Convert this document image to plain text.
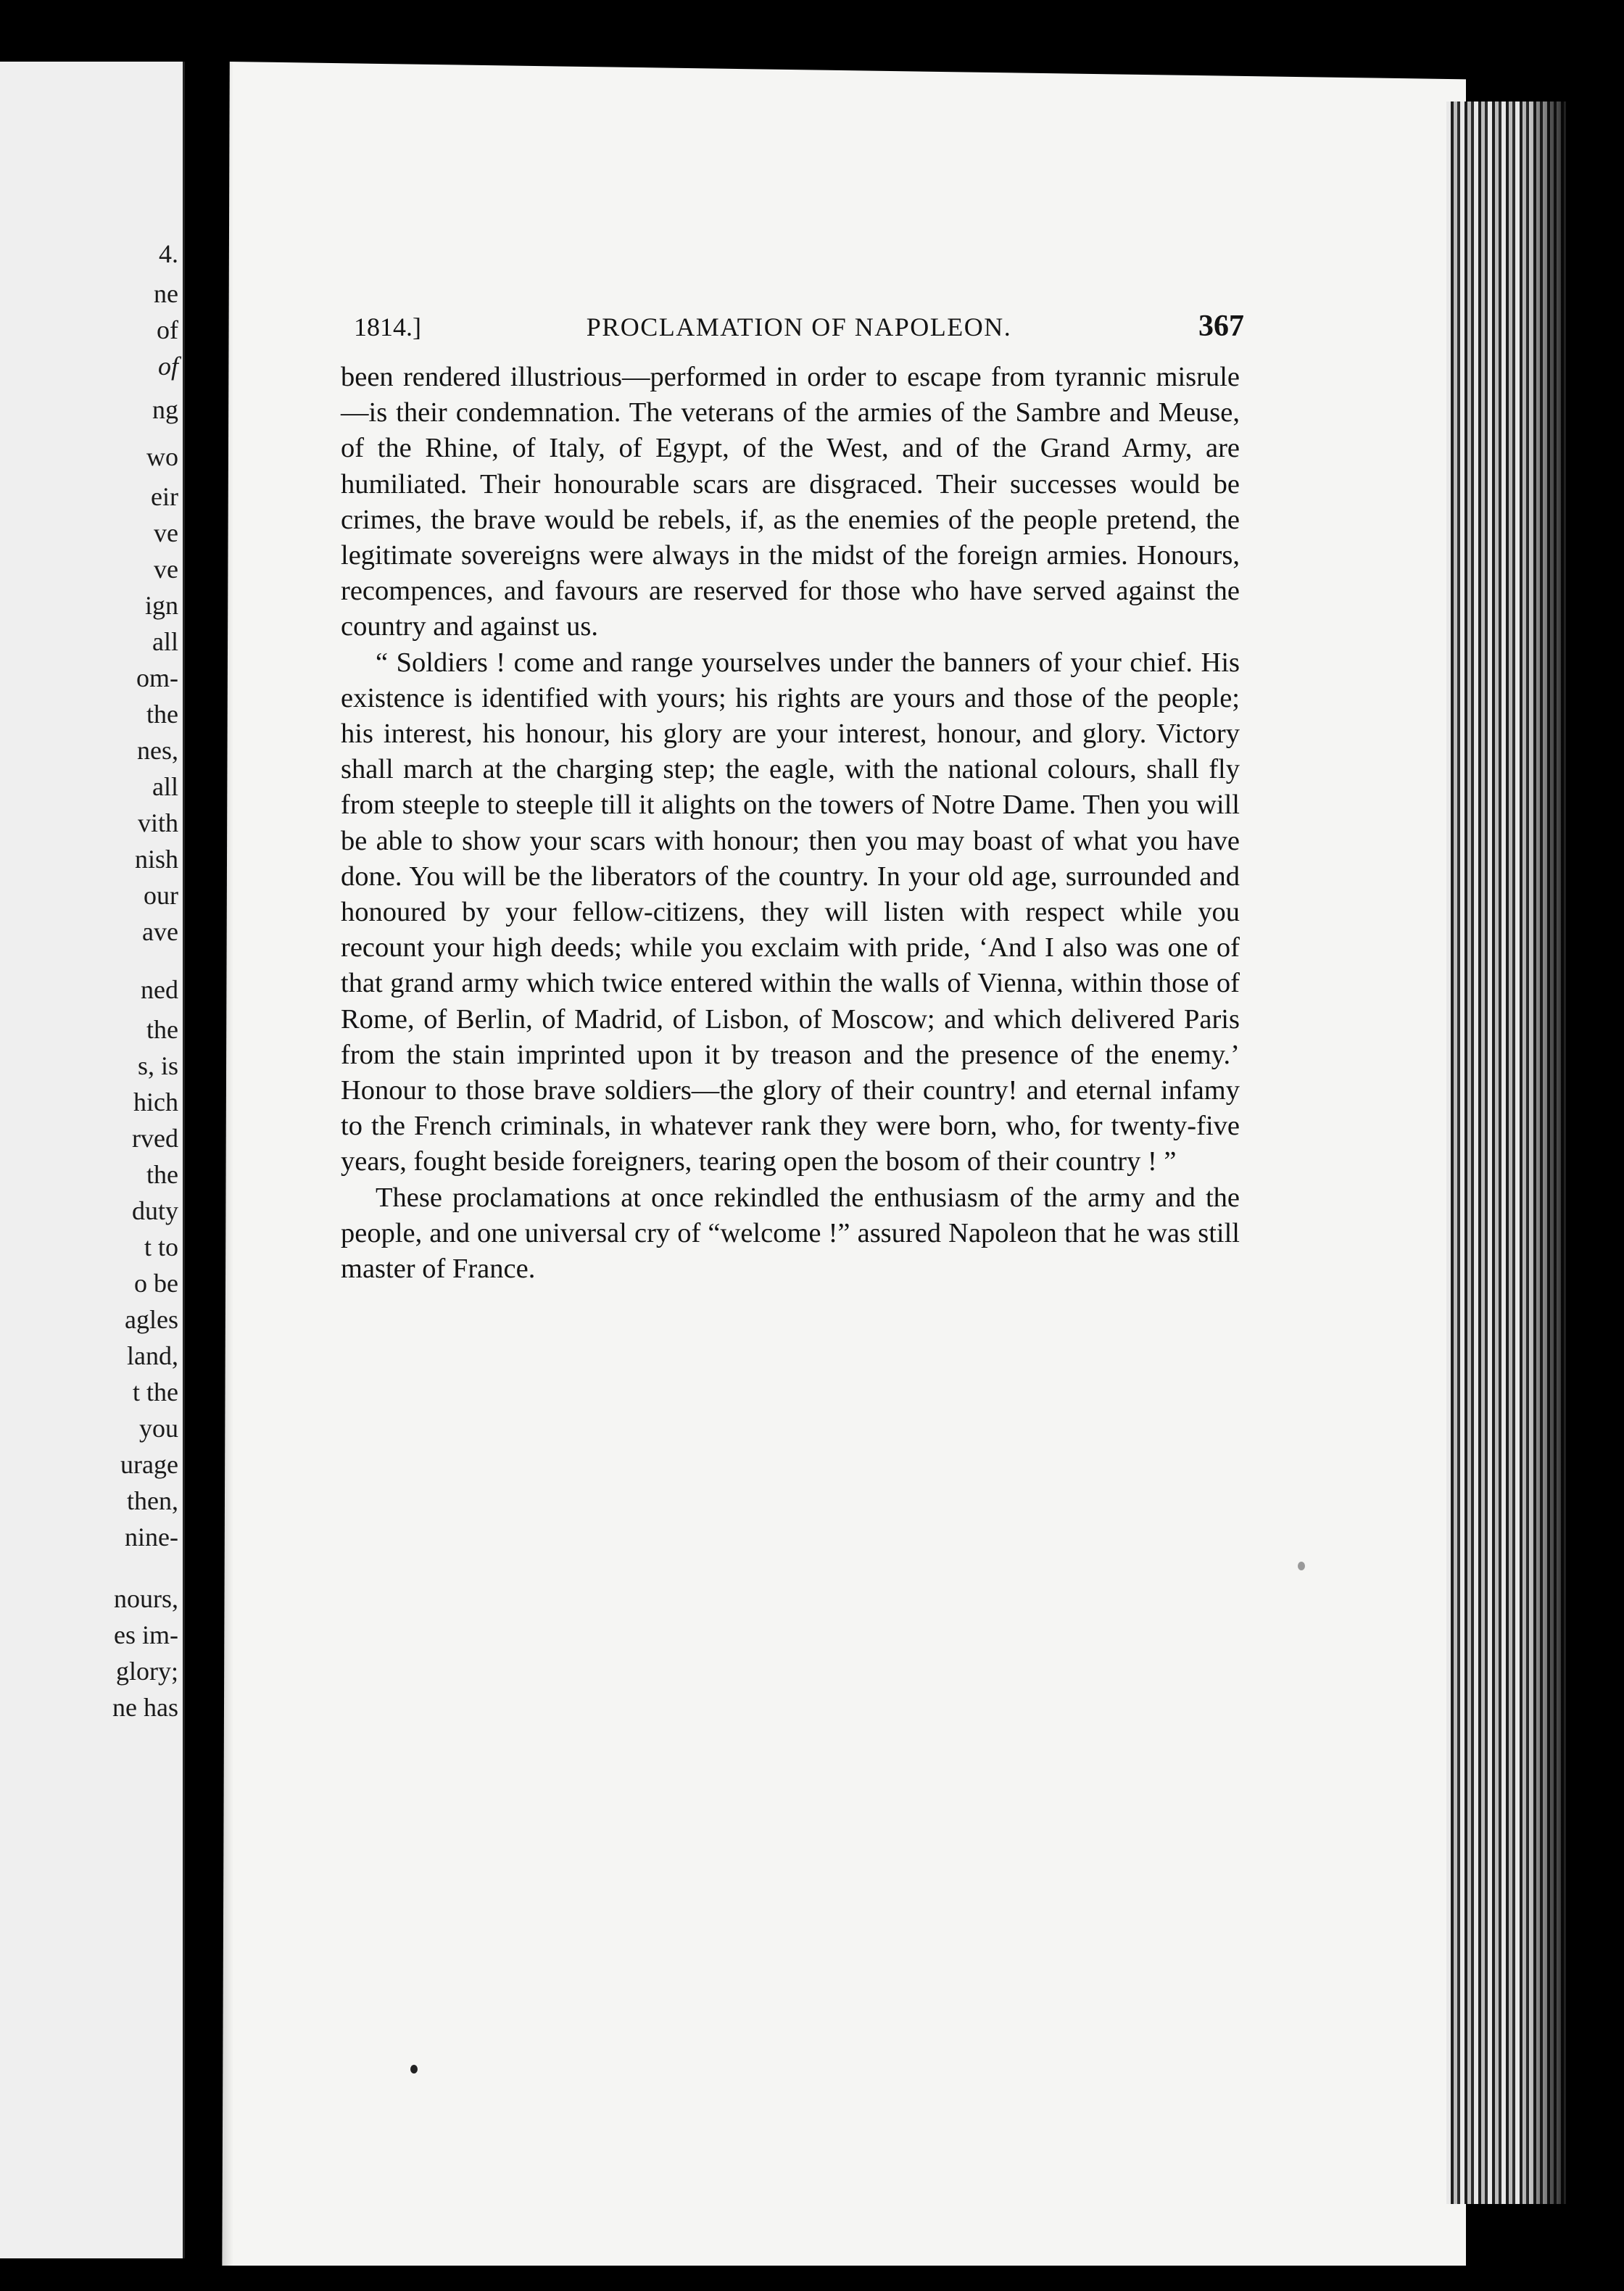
4.
ne
of
of
ng
wo
eir
ve
ve
ign
all
om-
the
nes,
all
vith
nish
our
ave
ned
the
s, is
hich
rved
the
duty
t to
o be
agles
land,
t the
you
urage
then,
nine-
nours,
es im-
glory;
ne has
1814.]	PROCLAMATION OF NAPOLEON.	367

been rendered illustrious—performed in order to escape from tyrannic misrule—is their condemnation. The veterans of the armies of the Sambre and Meuse, of the Rhine, of Italy, of Egypt, of the West, and of the Grand Army, are humiliated. Their honourable scars are disgraced. Their successes would be crimes, the brave would be rebels, if, as the enemies of the people pretend, the legitimate sovereigns were always in the midst of the foreign armies. Honours, recompences, and favours are reserved for those who have served against the country and against us.

“ Soldiers ! come and range yourselves under the banners of your chief. His existence is identified with yours; his rights are yours and those of the people; his interest, his honour, his glory are your interest, honour, and glory. Victory shall march at the charging step; the eagle, with the national colours, shall fly from steeple to steeple till it alights on the towers of Notre Dame. Then you will be able to show your scars with honour; then you may boast of what you have done. You will be the liberators of the country. In your old age, surrounded and honoured by your fellow-citizens, they will listen with respect while you recount your high deeds; while you exclaim with pride, ‘And I also was one of that grand army which twice entered within the walls of Vienna, within those of Rome, of Berlin, of Madrid, of Lisbon, of Moscow; and which delivered Paris from the stain imprinted upon it by treason and the presence of the enemy.’ Honour to those brave soldiers—the glory of their country! and eternal infamy to the French criminals, in whatever rank they were born, who, for twenty-five years, fought beside foreigners, tearing open the bosom of their country ! ”

These proclamations at once rekindled the enthusiasm of the army and the people, and one universal cry of “welcome !” assured Napoleon that he was still master of France.
